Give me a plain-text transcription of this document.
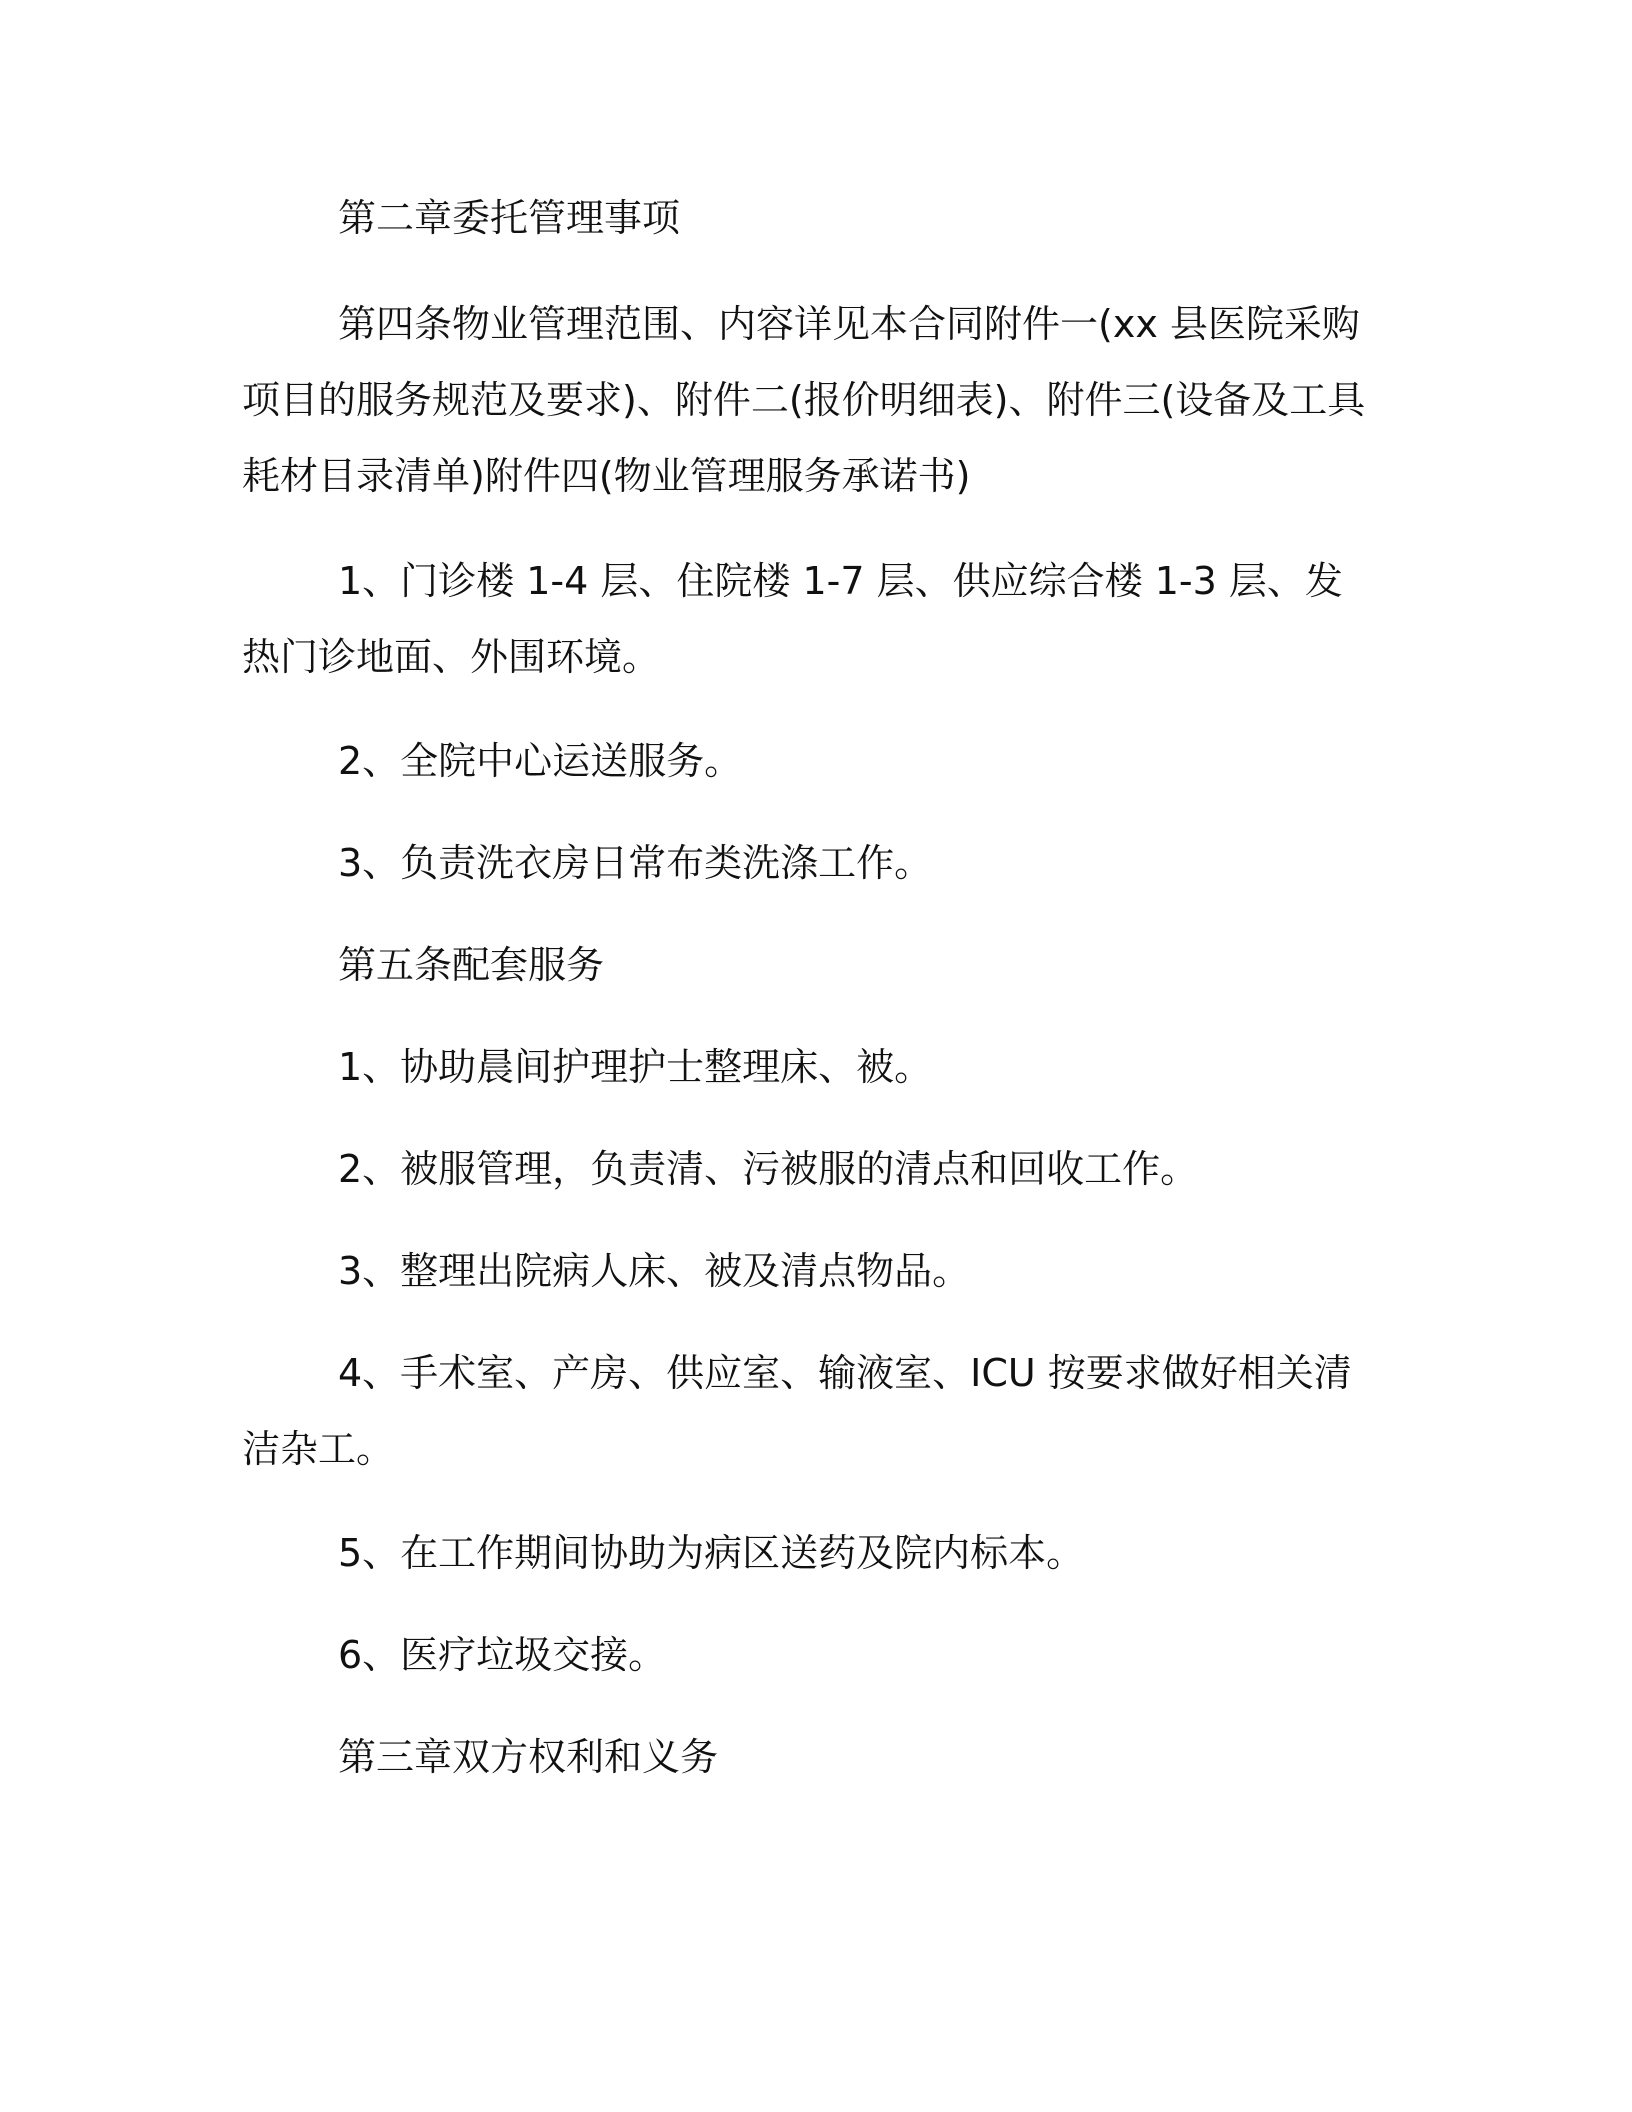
第二章委托管理事项

第四条物业管理范围、内容详见本合同附件一(xx 县医院采购项目的服务规范及要求)、附件二(报价明细表)、附件三(设备及工具耗材目录清单)附件四(物业管理服务承诺书)

1、门诊楼 1-4 层、住院楼 1-7 层、供应综合楼 1-3 层、发热门诊地面、外围环境。

2、全院中心运送服务。

3、负责洗衣房日常布类洗涤工作。

第五条配套服务

1、协助晨间护理护士整理床、被。

2、被服管理，负责清、污被服的清点和回收工作。

3、整理出院病人床、被及清点物品。

4、手术室、产房、供应室、输液室、ICU 按要求做好相关清洁杂工。

5、在工作期间协助为病区送药及院内标本。

6、医疗垃圾交接。

第三章双方权利和义务
